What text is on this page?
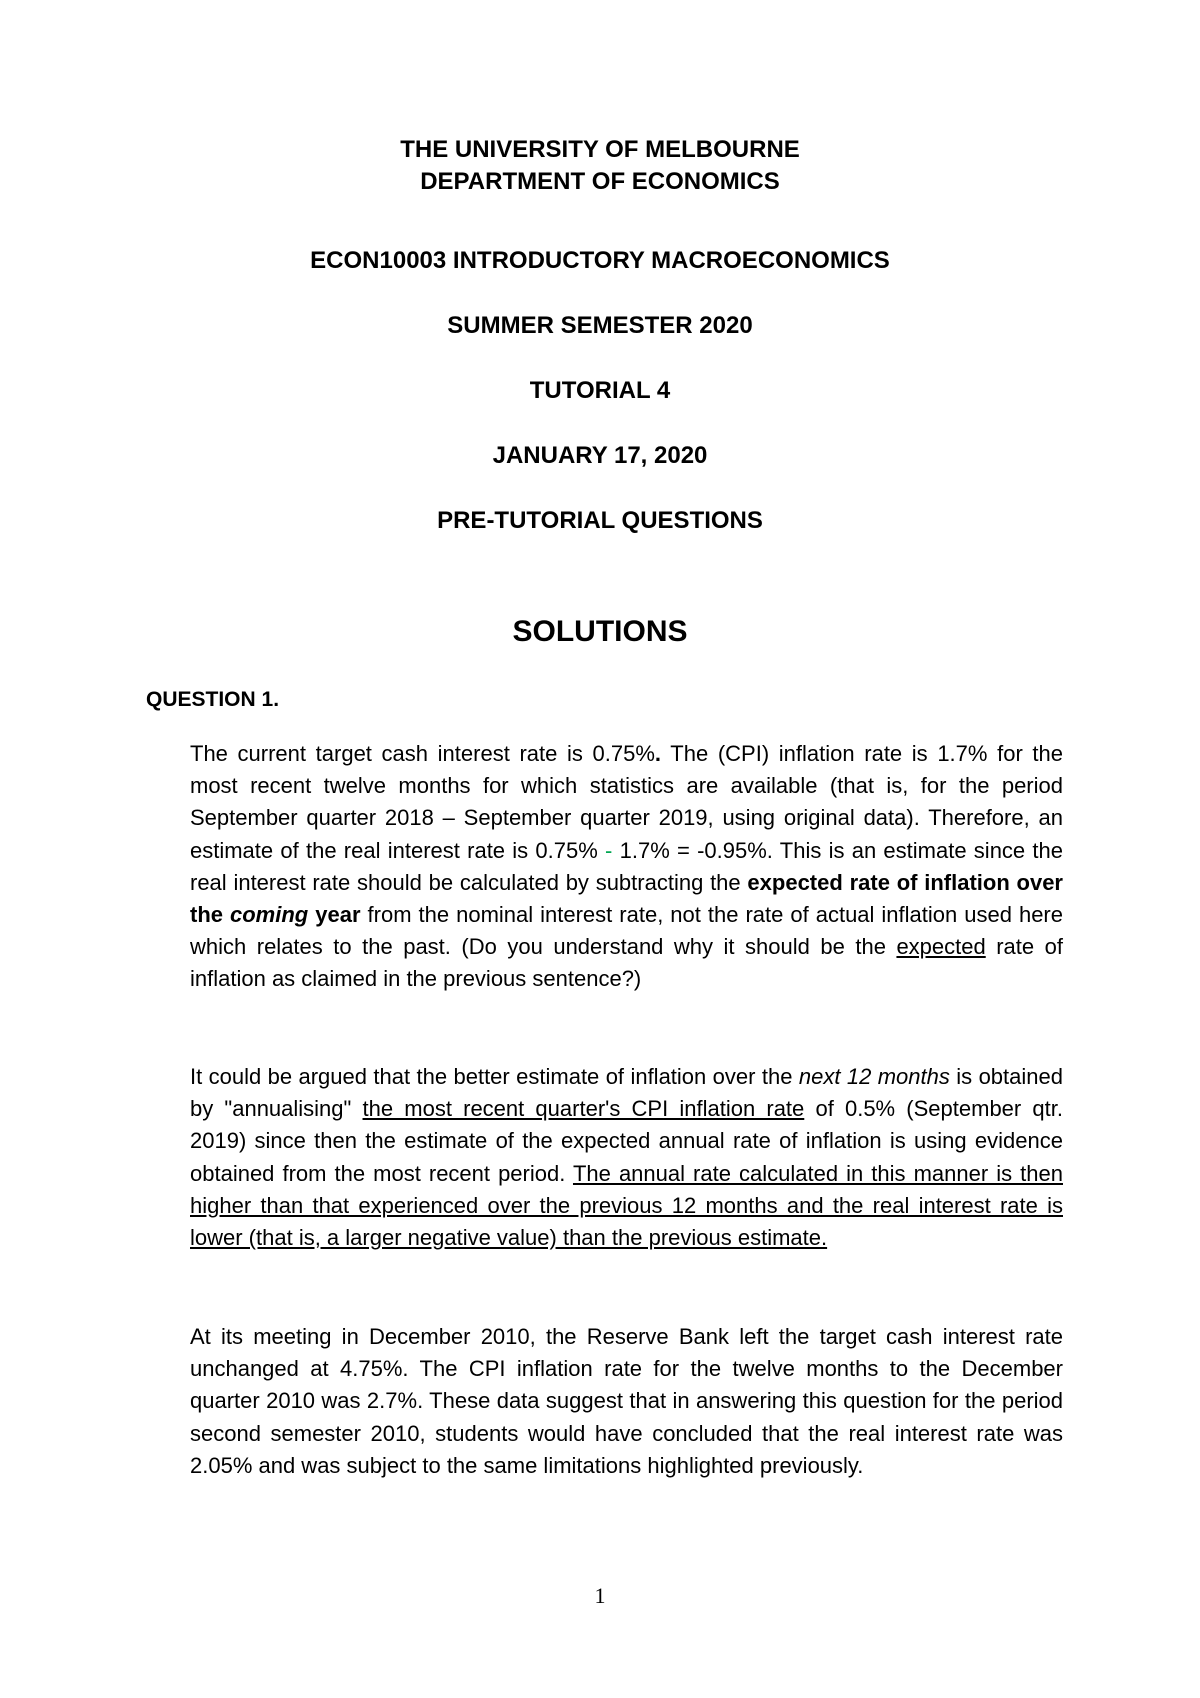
THE UNIVERSITY OF MELBOURNE
DEPARTMENT OF ECONOMICS
ECON10003 INTRODUCTORY MACROECONOMICS
SUMMER SEMESTER 2020
TUTORIAL 4
JANUARY 17, 2020
PRE-TUTORIAL QUESTIONS
SOLUTIONS
QUESTION 1.

The current target cash interest rate is 0.75%. The (CPI) inflation rate is 1.7% for the most recent twelve months for which statistics are available (that is, for the period September quarter 2018 – September quarter 2019, using original data). Therefore, an estimate of the real interest rate is 0.75% - 1.7% = -0.95%. This is an estimate since the real interest rate should be calculated by subtracting the expected rate of inflation over the coming year from the nominal interest rate, not the rate of actual inflation used here which relates to the past. (Do you understand why it should be the expected rate of inflation as claimed in the previous sentence?)

It could be argued that the better estimate of inflation over the next 12 months is obtained by "annualising" the most recent quarter's CPI inflation rate of 0.5% (September qtr. 2019) since then the estimate of the expected annual rate of inflation is using evidence obtained from the most recent period. The annual rate calculated in this manner is then higher than that experienced over the previous 12 months and the real interest rate is lower (that is, a larger negative value) than the previous estimate.

At its meeting in December 2010, the Reserve Bank left the target cash interest rate unchanged at 4.75%. The CPI inflation rate for the twelve months to the December quarter 2010 was 2.7%. These data suggest that in answering this question for the period second semester 2010, students would have concluded that the real interest rate was 2.05% and was subject to the same limitations highlighted previously.

1
